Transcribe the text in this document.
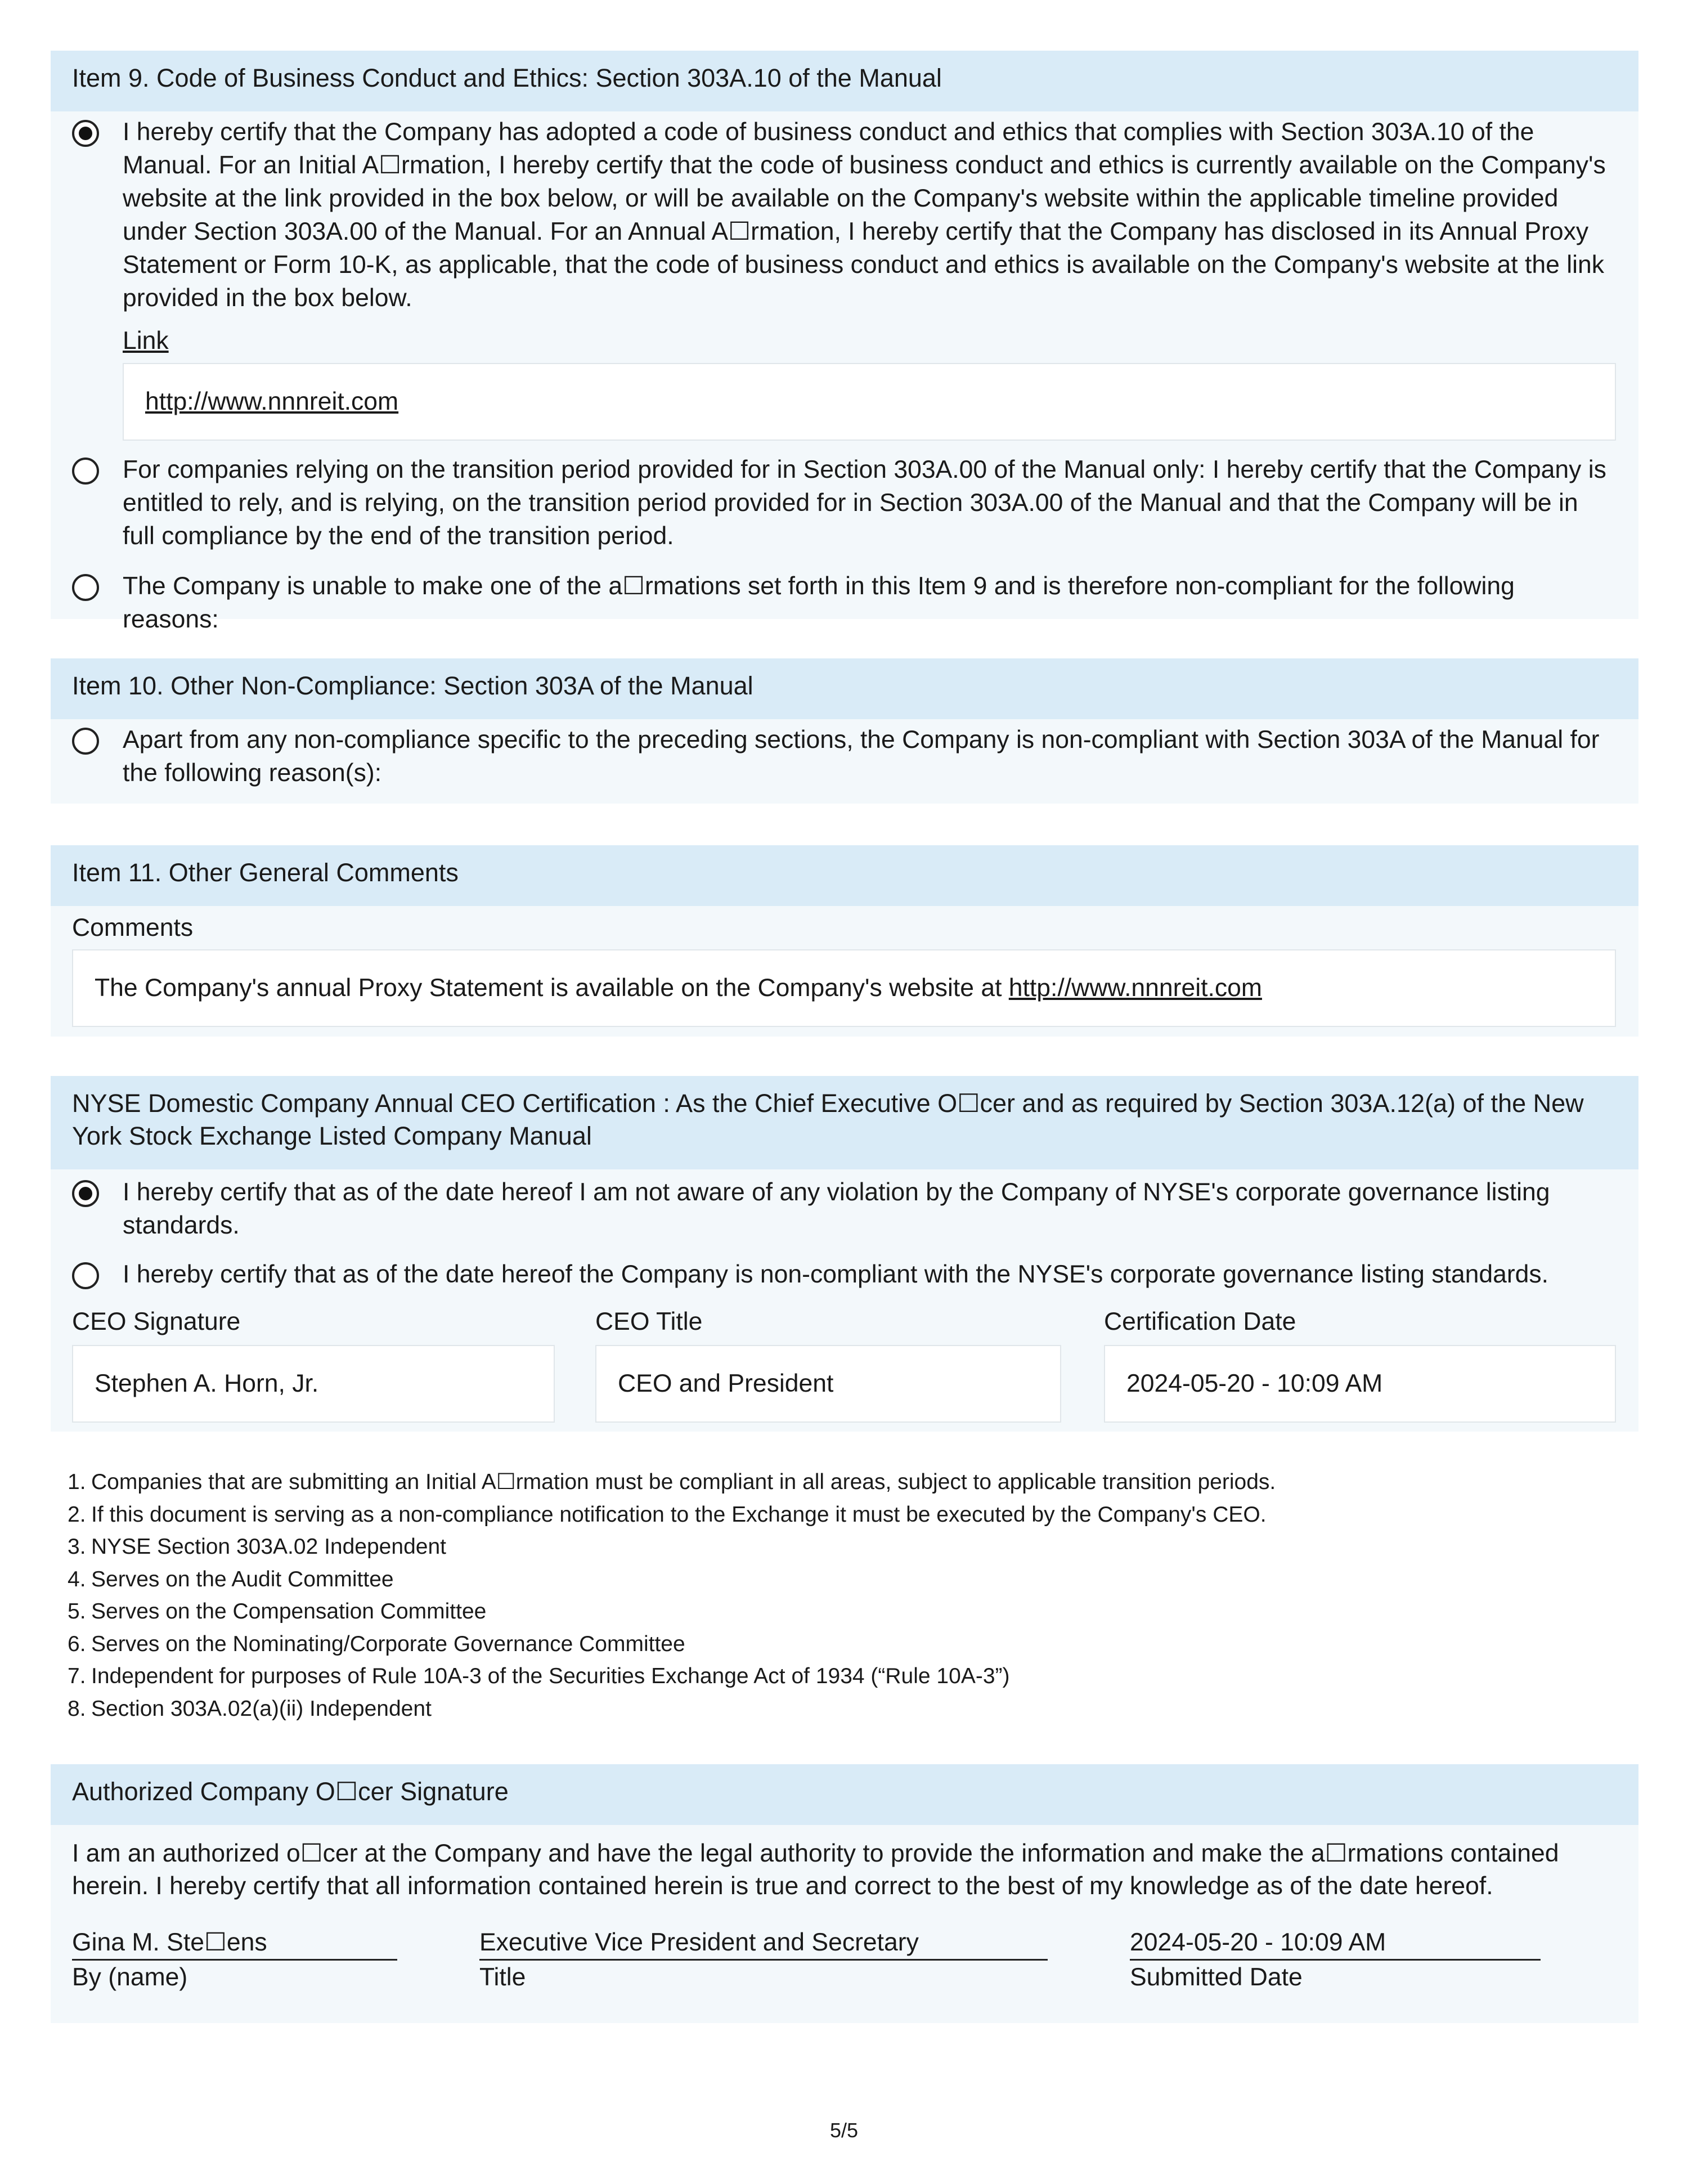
Item 9. Code of Business Conduct and Ethics: Section 303A.10 of the Manual
I hereby certify that the Company has adopted a code of business conduct and ethics that complies with Section 303A.10 of the Manual. For an Initial A☐rmation, I hereby certify that the code of business conduct and ethics is currently available on the Company's website at the link provided in the box below, or will be available on the Company's website within the applicable timeline provided under Section 303A.00 of the Manual. For an Annual A☐rmation, I hereby certify that the Company has disclosed in its Annual Proxy Statement or Form 10-K, as applicable, that the code of business conduct and ethics is available on the Company's website at the link provided in the box below.
Link
http://www.nnnreit.com
For companies relying on the transition period provided for in Section 303A.00 of the Manual only: I hereby certify that the Company is entitled to rely, and is relying, on the transition period provided for in Section 303A.00 of the Manual and that the Company will be in full compliance by the end of the transition period.
The Company is unable to make one of the a☐rmations set forth in this Item 9 and is therefore non-compliant for the following reasons:
Item 10. Other Non-Compliance: Section 303A of the Manual
Apart from any non-compliance specific to the preceding sections, the Company is non-compliant with Section 303A of the Manual for the following reason(s):
Item 11. Other General Comments
Comments
The Company's annual Proxy Statement is available on the Company's website at http://www.nnnreit.com
NYSE Domestic Company Annual CEO Certification : As the Chief Executive O☐cer and as required by Section 303A.12(a) of the New York Stock Exchange Listed Company Manual
I hereby certify that as of the date hereof I am not aware of any violation by the Company of NYSE's corporate governance listing standards.
I hereby certify that as of the date hereof the Company is non-compliant with the NYSE's corporate governance listing standards.
CEO Signature
Stephen A. Horn, Jr.
CEO Title
CEO and President
Certification Date
2024-05-20 - 10:09 AM
1. Companies that are submitting an Initial A☐rmation must be compliant in all areas, subject to applicable transition periods.
2. If this document is serving as a non-compliance notification to the Exchange it must be executed by the Company's CEO.
3. NYSE Section 303A.02 Independent
4. Serves on the Audit Committee
5. Serves on the Compensation Committee
6. Serves on the Nominating/Corporate Governance Committee
7. Independent for purposes of Rule 10A-3 of the Securities Exchange Act of 1934 (“Rule 10A-3”)
8. Section 303A.02(a)(ii) Independent
Authorized Company O☐cer Signature
I am an authorized o☐cer at the Company and have the legal authority to provide the information and make the a☐rmations contained herein. I hereby certify that all information contained herein is true and correct to the best of my knowledge as of the date hereof.
Gina M. Ste☐ens
By (name)
Executive Vice President and Secretary
Title
2024-05-20 - 10:09 AM
Submitted Date
5/5
